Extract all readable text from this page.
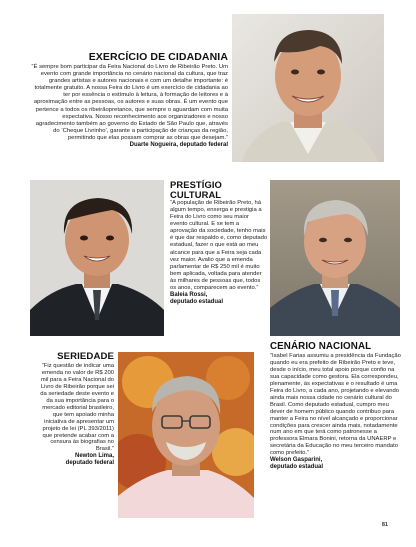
EXERCÍCIO DE CIDADANIA

“É sempre bom participar da Feira Nacional do Livro de Ribeirão Preto. Um evento com grande importância no cenário nacional da cultura, que traz grandes artistas e autores nacionais e com um detalhe importante: é totalmente gratuito. A nossa Feira do Livro é um exercício de cidadania ao ter por essência o estímulo à leitura, à formação de leitores e à aproximação entre as pessoas, os autores e suas obras. É um evento que pertence a todos os ribeirãopretanos, que sempre o aguardam com muita expectativa. Nosso reconhecimento aos organizadores e nosso agradecimento também ao governo do Estado de São Paulo que, através do ‘Cheque Livrinho’, garante a participação de crianças da região, permitindo que elas possam comprar as obras que desejam.”

Duarte Nogueira, deputado federal

PRESTÍGIO CULTURAL

“A população de Ribeirão Preto, há algum tempo, enxerga e prestigia a Feira do Livro como seu maior evento cultural. E se tem a aprovação da sociedade, tenho mais é que dar respaldo e, como deputado estadual, fazer o que está ao meu alcance para que a Feira seja cada vez maior. Avalio que a emenda parlamentar de R$ 250 mil é muito bem aplicada, voltada para atender às milhares de pessoas que, todos os anos, comparecem ao evento.”

Baleia Rossi,

deputado estadual

CENÁRIO NACIONAL

“Isabel Farias assumiu a presidência da Fundação quando eu era prefeito de Ribeirão Preto e teve, desde o início, meu total apoio porque confio na sua capacidade como gestora. Ela correspondeu, plenamente, às expectativas e o resultado é uma Feira do Livro, a cada ano, projetando e elevando ainda mais nossa cidade no cenário cultural do Brasil. Como deputado estadual, cumpro meu dever de homem público quando contribuo para manter a Feira no nível alcançado e proporcionar condições para crescer ainda mais, notadamente num ano em que terá como patronesse a professora Elmara Bonini, retorna da UNAERP e secretária da Educação no meu terceiro mandato como prefeito.”

Welson Gasparini,

deputado estadual

SERIEDADE

“Fiz questão de indicar uma emenda no valor de R$ 200 mil para a Feira Nacional do Livro de Ribeirão porque sei da seriedade deste evento e da sua importância para o mercado editorial brasileiro, que tem apoiado minha iniciativa de apresentar um projeto de lei (PL 393/2011) que pretende acabar com a censura às biografias no Brasil.”

Newton Lima,

deputado federal

81
